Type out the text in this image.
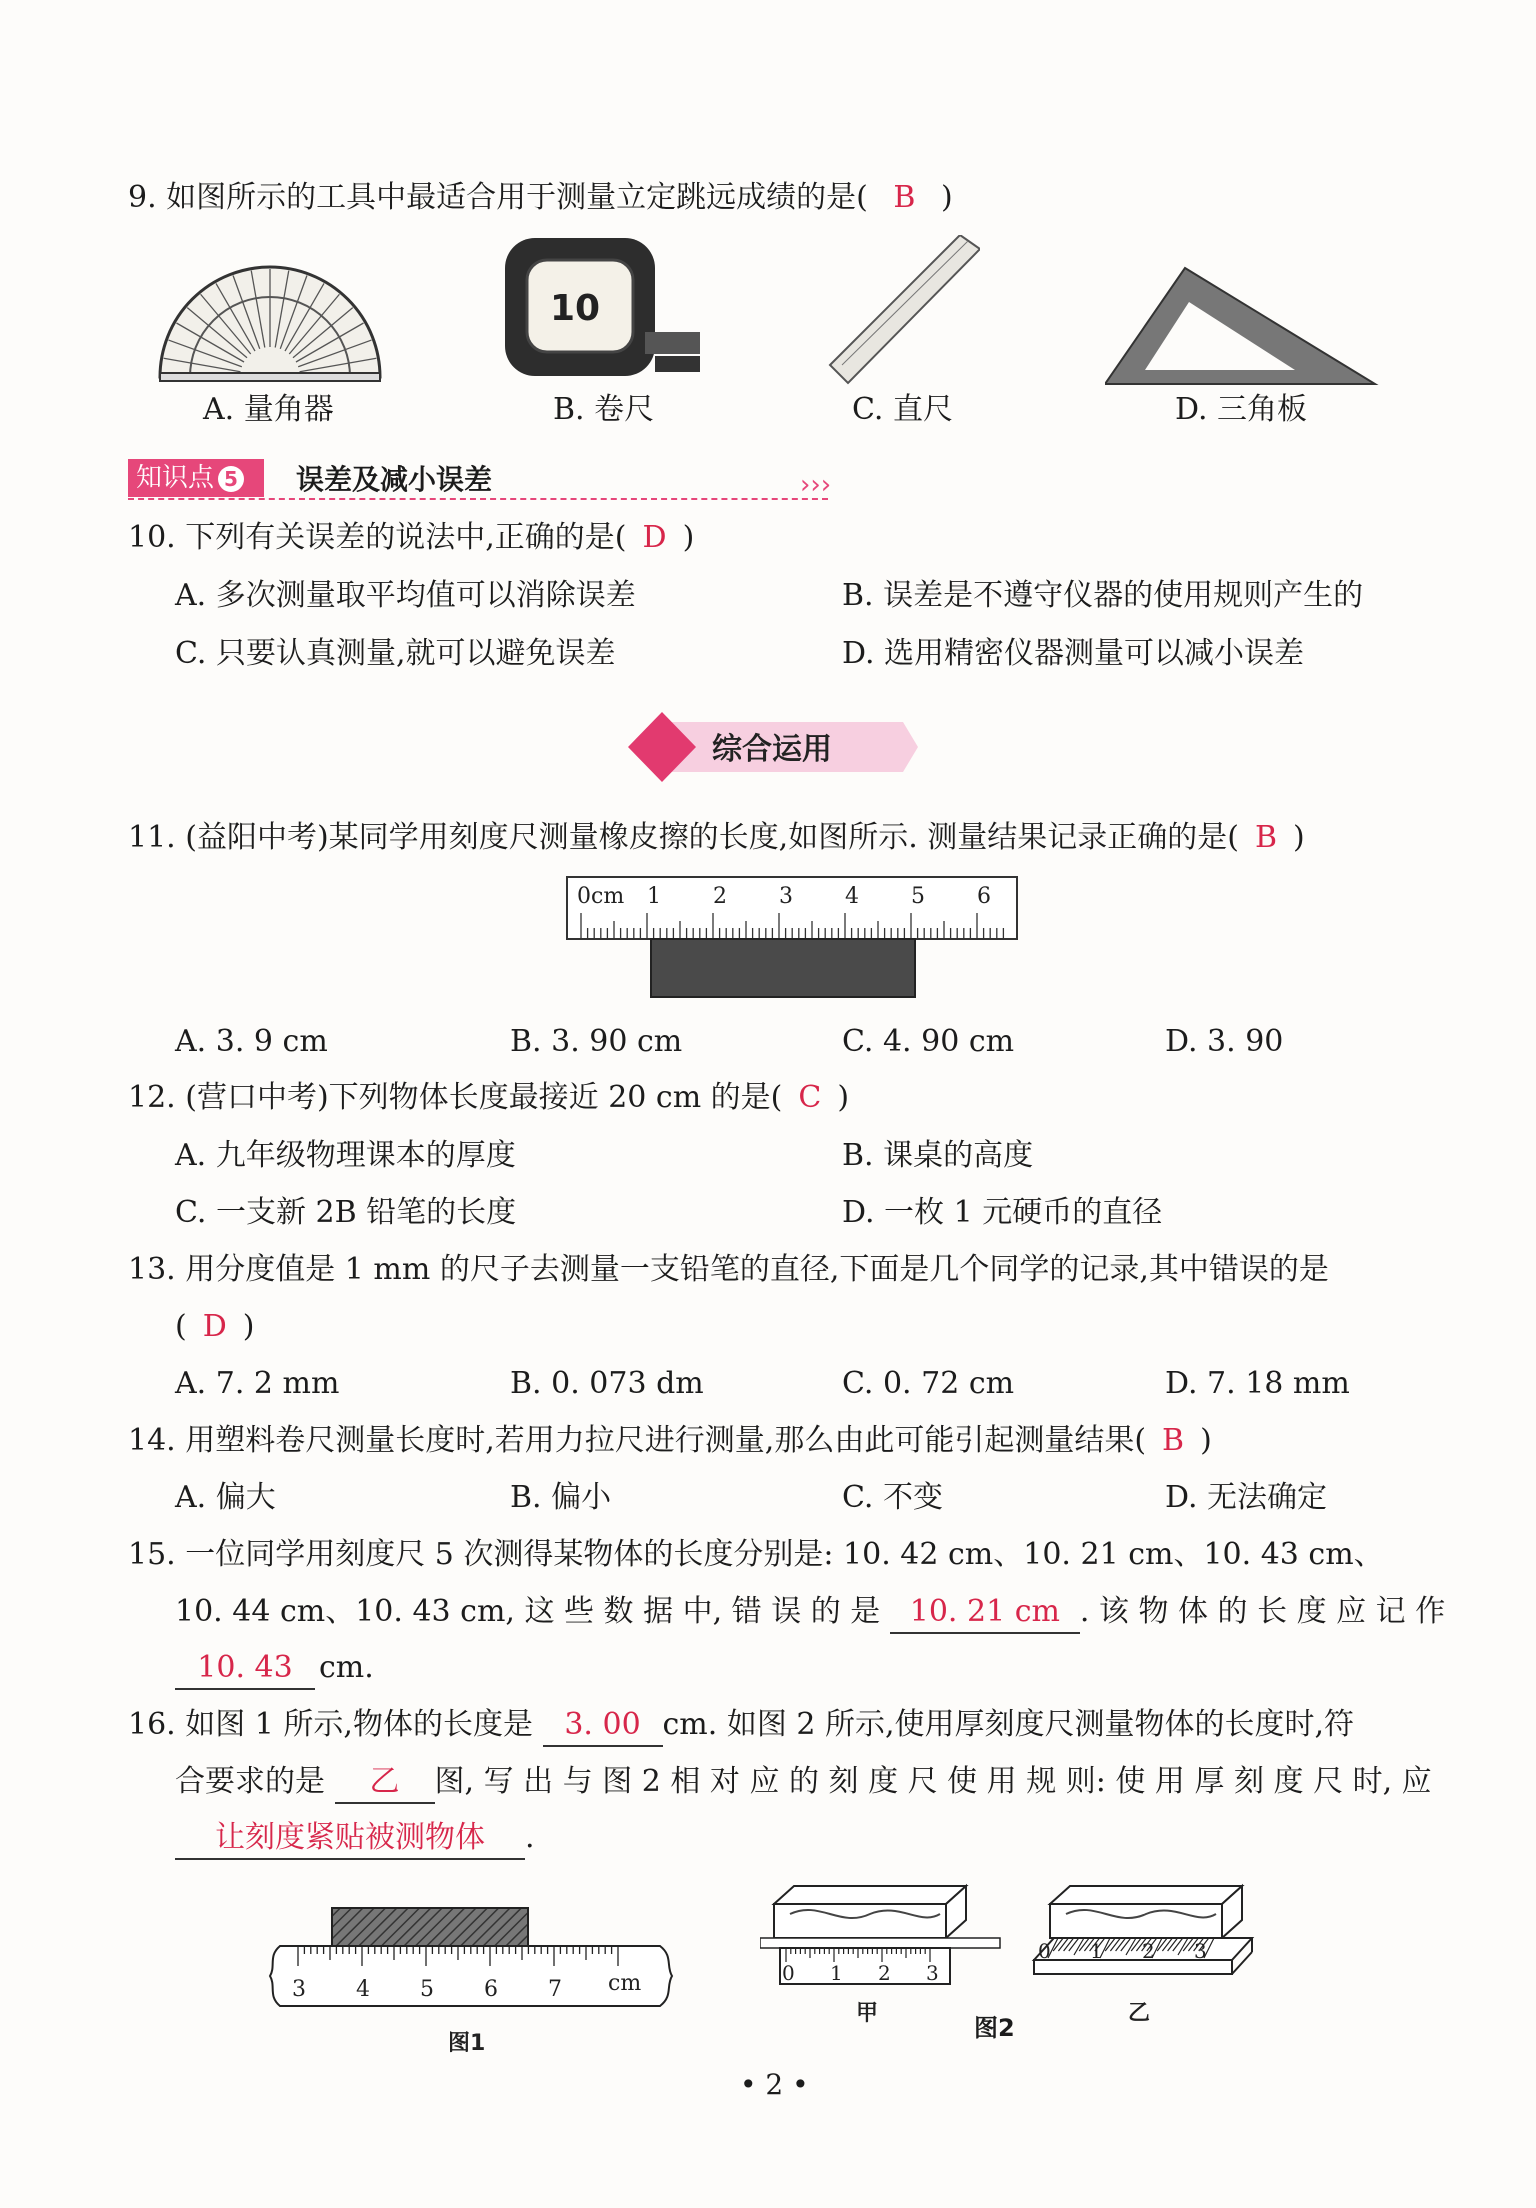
9. 如图所示的工具中最适合用于测量立定跳远成绩的是( B )
10
A. 量角器	B. 卷尺	C. 直尺	D. 三角板
知识点 5	误差及减小误差	›››
10. 下列有关误差的说法中,正确的是( D )
A. 多次测量取平均值可以消除误差	B. 误差是不遵守仪器的使用规则产生的
C. 只要认真测量,就可以避免误差	D. 选用精密仪器测量可以减小误差
综合运用
11. (益阳中考)某同学用刻度尺测量橡皮擦的长度,如图所示. 测量结果记录正确的是( B )
0cm 1 2 3 4 5 6
A. 3. 9 cm	B. 3. 90 cm	C. 4. 90 cm	D. 3. 90
12. (营口中考)下列物体长度最接近 20 cm 的是( C )
A. 九年级物理课本的厚度	B. 课桌的高度
C. 一支新 2B 铅笔的长度	D. 一枚 1 元硬币的直径
13. 用分度值是 1 mm 的尺子去测量一支铅笔的直径,下面是几个同学的记录,其中错误的是
( D )
A. 7. 2 mm	B. 0. 073 dm	C. 0. 72 cm	D. 7. 18 mm
14. 用塑料卷尺测量长度时,若用力拉尺进行测量,那么由此可能引起测量结果( B )
A. 偏大	B. 偏小	C. 不变	D. 无法确定
15. 一位同学用刻度尺 5 次测得某物体的长度分别是: 10. 42 cm、10. 21 cm、10. 43 cm、
10. 44 cm、10. 43 cm, 这 些 数 据 中, 错 误 的 是 10. 21 cm . 该 物 体 的 长 度 应 记 作
10. 43 cm.
16. 如图 1 所示,物体的长度是 3. 00 cm. 如图 2 所示,使用厚刻度尺测量物体的长度时,符
合要求的是 乙 图, 写 出 与 图 2 相 对 应 的 刻 度 尺 使 用 规 则: 使 用 厚 刻 度 尺 时, 应
让刻度紧贴被测物体 .
3 4 5 6 7 cm
图1
0 1 2 3
甲
0 1 2 3
乙
图2
• 2 •
